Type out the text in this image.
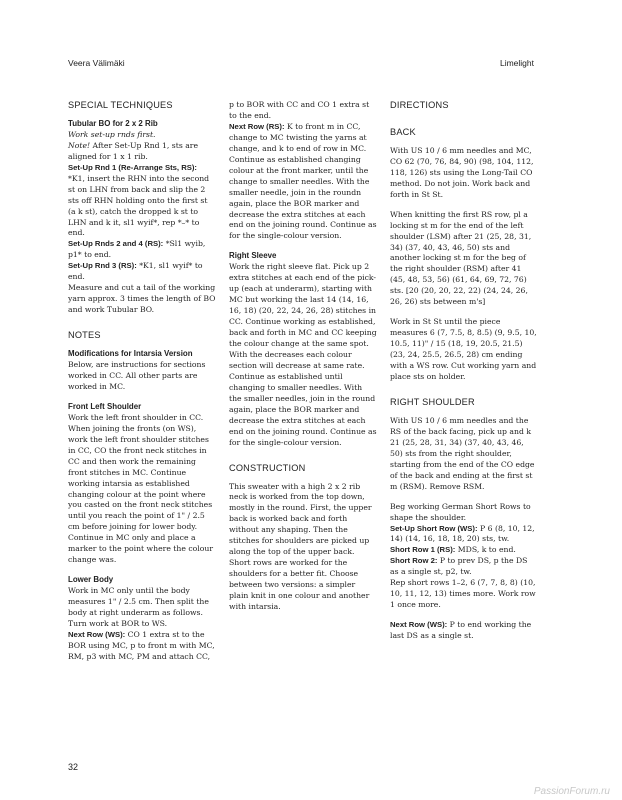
Veera Välimäki	Limelight
SPECIAL TECHNIQUES
Tubular BO for 2 x 2 Rib

Work set-up rnds first.

Note! After Set-Up Rnd 1, sts are aligned for 1 x 1 rib.

Set-Up Rnd 1 (Re-Arrange Sts, RS): *K1, insert the RHN into the second st on LHN from back and slip the 2 sts off RHN holding onto the first st (a k st), catch the dropped k st to LHN and k it, sl1 wyif*, rep *–* to end.

Set-Up Rnds 2 and 4 (RS): *Sl1 wyib, p1* to end.

Set-Up Rnd 3 (RS): *K1, sl1 wyif* to end.

Measure and cut a tail of the working yarn approx. 3 times the length of BO and work Tubular BO.

NOTES
Modifications for Intarsia Version

Below, are instructions for sections worked in CC. All other parts are worked in MC.

Front Left Shoulder

Work the left front shoulder in CC. When joining the fronts (on WS), work the left front shoulder stitches in CC, CO the front neck stitches in CC and then work the remaining front stitches in MC. Continue working intarsia as established changing colour at the point where you casted on the front neck stitches until you reach the point of 1" / 2.5 cm before joining for lower body. Continue in MC only and place a marker to the point where the colour change was.

Lower Body

Work in MC only until the body measures 1" / 2.5 cm. Then split the body at right underarm as follows. Turn work at BOR to WS.

Next Row (WS): CO 1 extra st to the BOR using MC, p to front m with MC, RM, p3 with MC, PM and attach CC,

p to BOR with CC and CO 1 extra st to the end.

Next Row (RS): K to front m in CC, change to MC twisting the yarns at change, and k to end of row in MC. Continue as established changing colour at the front marker, until the change to smaller needles. With the smaller needle, join in the roundn again, place the BOR marker and decrease the extra stitches at each end on the joining round. Continue as for the single-colour version.

Right Sleeve

Work the right sleeve flat. Pick up 2 extra stitches at each end of the pick-up (each at underarm), starting with MC but working the last 14 (14, 16, 16, 18) (20, 22, 24, 26, 28) stitches in CC. Continue working as established, back and forth in MC and CC keeping the colour change at the same spot. With the decreases each colour section will decrease at same rate. Continue as established until changing to smaller needles. With the smaller needles, join in the round again, place the BOR marker and decrease the extra stitches at each end on the joining round. Continue as for the single-colour version.

CONSTRUCTION

This sweater with a high 2 x 2 rib neck is worked from the top down, mostly in the round. First, the upper back is worked back and forth without any shaping. Then the stitches for shoulders are picked up along the top of the upper back. Short rows are worked for the shoulders for a better fit. Choose between two versions: a simpler plain knit in one colour and another with intarsia.

DIRECTIONS
BACK

With US 10 / 6 mm needles and MC, CO 62 (70, 76, 84, 90) (98, 104, 112, 118, 126) sts using the Long-Tail CO method. Do not join. Work back and forth in St St.

When knitting the first RS row, pl a locking st m for the end of the left shoulder (LSM) after 21 (25, 28, 31, 34) (37, 40, 43, 46, 50) sts and another locking st m for the beg of the right shoulder (RSM) after 41 (45, 48, 53, 56) (61, 64, 69, 72, 76) sts. [20 (20, 20, 22, 22) (24, 24, 26, 26, 26) sts between m's]

Work in St St until the piece measures 6 (7, 7.5, 8, 8.5) (9, 9.5, 10, 10.5, 11)" / 15 (18, 19, 20.5, 21.5) (23, 24, 25.5, 26.5, 28) cm ending with a WS row. Cut working yarn and place sts on holder.

RIGHT SHOULDER

With US 10 / 6 mm needles and the RS of the back facing, pick up and k 21 (25, 28, 31, 34) (37, 40, 43, 46, 50) sts from the right shoulder, starting from the end of the CO edge of the back and ending at the first st m (RSM). Remove RSM.

Beg working German Short Rows to shape the shoulder.

Set-Up Short Row (WS): P 6 (8, 10, 12, 14) (14, 16, 18, 18, 20) sts, tw.

Short Row 1 (RS): MDS, k to end.

Short Row 2: P to prev DS, p the DS as a single st, p2, tw.

Rep short rows 1–2, 6 (7, 7, 8, 8) (10, 10, 11, 12, 13) times more. Work row 1 once more.

Next Row (WS): P to end working the last DS as a single st.

32
PassionForum.ru
